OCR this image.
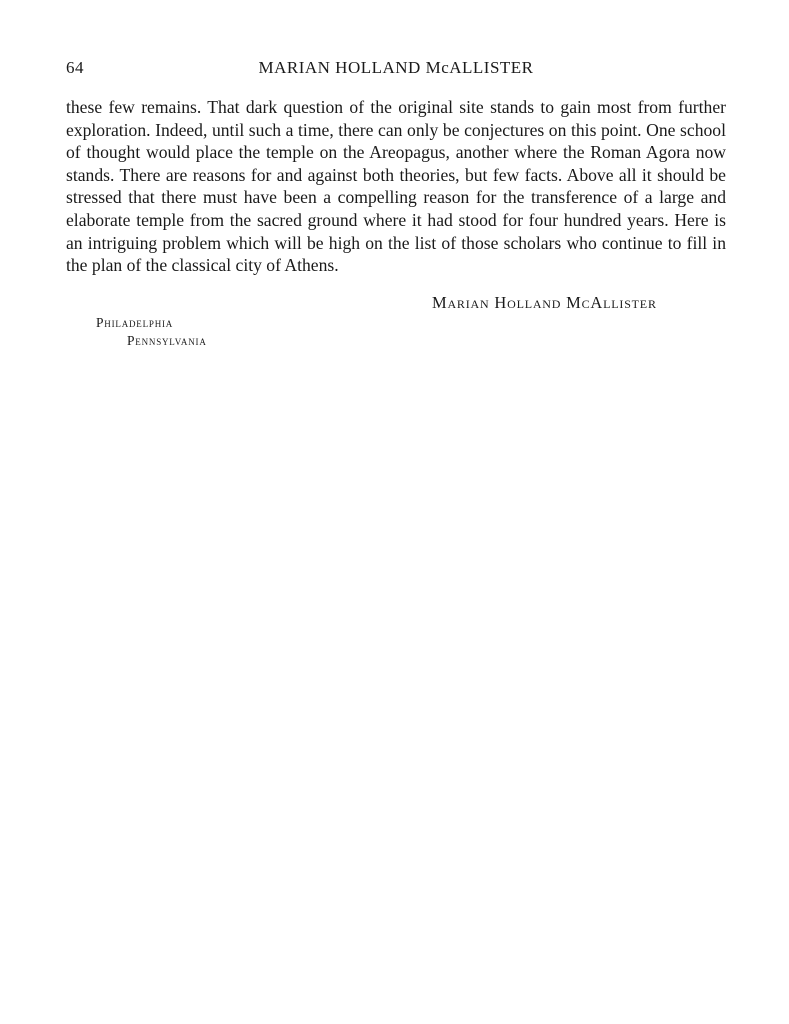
64	MARIAN HOLLAND McALLISTER

these few remains. That dark question of the original site stands to gain most from further exploration. Indeed, until such a time, there can only be conjectures on this point. One school of thought would place the temple on the Areopagus, another where the Roman Agora now stands. There are reasons for and against both theories, but few facts. Above all it should be stressed that there must have been a compelling reason for the transference of a large and elaborate temple from the sacred ground where it had stood for four hundred years. Here is an intriguing problem which will be high on the list of those scholars who continue to fill in the plan of the classical city of Athens.

Marian Holland McAllister
Philadelphia
Pennsylvania
